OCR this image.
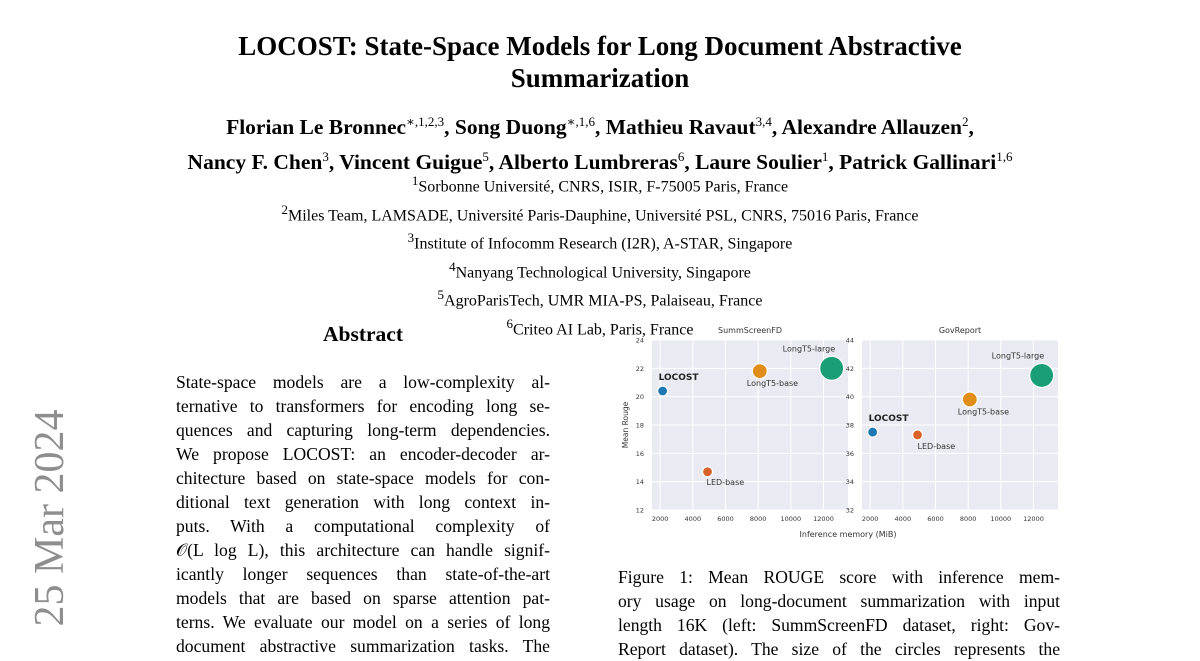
LOCOST: State-Space Models for Long Document Abstractive
Summarization
Florian Le Bronnec$^{∗,1,2,3}$, Song Duong$^{∗,1,6}$, Mathieu Ravaut$^{3,4}$, Alexandre Allauzen$^2$,
Nancy F. Chen$^3$, Vincent Guigue$^5$, Alberto Lumbreras$^6$, Laure Soulier$^1$, Patrick Gallinari$^{1,6}$
$^1$Sorbonne Université, CNRS, ISIR, F-75005 Paris, France
$^2$Miles Team, LAMSADE, Université Paris-Dauphine, Université PSL, CNRS, 75016 Paris, France
$^3$Institute of Infocomm Research (I2R), A-STAR, Singapore
$^4$Nanyang Technological University, Singapore
$^5$AgroParisTech, UMR MIA-PS, Palaiseau, France
$^6$Criteo AI Lab, Paris, France
25 Mar 2024
Abstract
State-space models are a low-complexity al-
ternative to transformers for encoding long se-
quences and capturing long-term dependencies.
We propose LOCOST: an encoder-decoder ar-
chitecture based on state-space models for con-
ditional text generation with long context in-
puts. With a computational complexity of
𝒪(L log L), this architecture can handle signif-
icantly longer sequences than state-of-the-art
models that are based on sparse attention pat-
terns. We evaluate our model on a series of long
document abstractive summarization tasks. The
2000 4000 6000 8000 10000 12000
12
14
16
18
20
22
24
SummScreenFD
Mean Rouge
LOCOST
LED-base
LongT5-base
LongT5-large
2000 4000 6000 8000 10000 12000
32
34
36
38
40
42
44
GovReport
LOCOST
LED-base
LongT5-base
LongT5-large
Inference memory (MiB)
Figure 1: Mean ROUGE score with inference mem-
ory usage on long-document summarization with input
length 16K (left: SummScreenFD dataset, right: Gov-
Report dataset). The size of the circles represents the
